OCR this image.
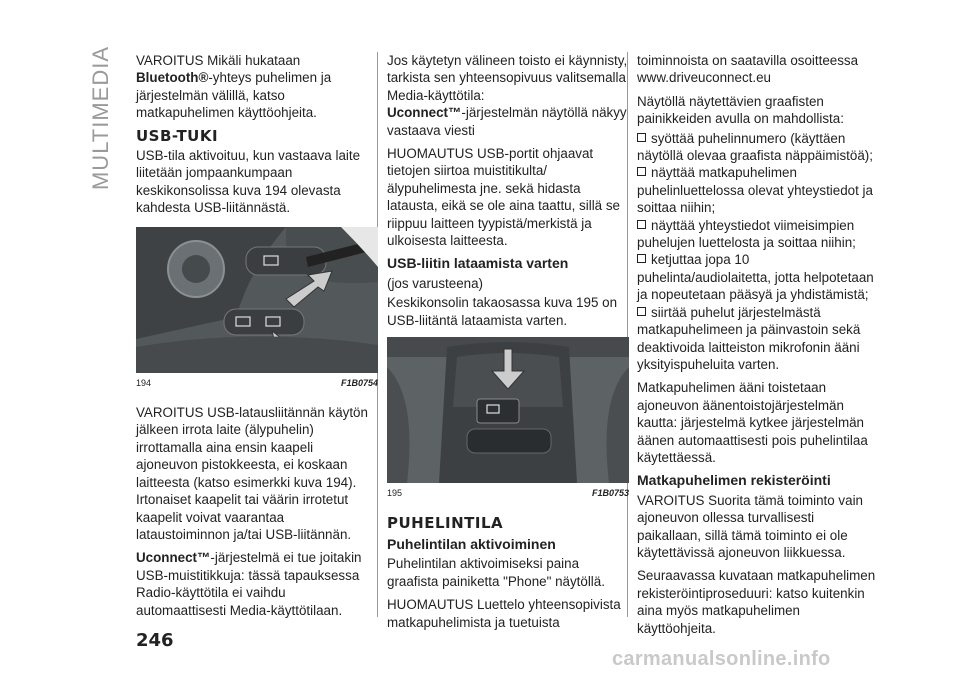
MULTIMEDIA VAROITUS Mikäli hukataan
Bluetooth®-yhteys puhelimen ja järjestelmän välillä, katso matkapuhelimen käyttöohjeita.

USB-TUKI

USB-tila aktivoituu, kun vastaava laite liitetään jompaankumpaan keskikonsolissa kuva 194 olevasta kahdesta USB-liitännästä.

194	F1B0754

VAROITUS USB-latausliitännän käytön jälkeen irrota laite (älypuhelin) irrottamalla aina ensin kaapeli ajoneuvon pistokkeesta, ei koskaan laitteesta (katso esimerkki kuva 194). Irtonaiset kaapelit tai väärin irrotetut kaapelit voivat vaarantaa lataustoiminnon ja/tai USB-liitännän.

Uconnect™-järjestelmä ei tue joitakin USB-muistitikkuja: tässä tapauksessa Radio-käyttötila ei vaihdu automaattisesti Media-käyttötilaan.

Jos käytetyn välineen toisto ei käynnisty, tarkista sen yhteensopivuus valitsemalla Media-käyttötila:
Uconnect™-järjestelmän näytöllä näkyy vastaava viesti

HUOMAUTUS USB-portit ohjaavat tietojen siirtoa muistitikulta/älypuhelimesta jne. sekä hidasta latausta, eikä se ole aina taattu, sillä se riippuu laitteen tyypistä/merkistä ja ulkoisesta laitteesta.

USB-liitin lataamista varten

(jos varusteena)

Keskikonsolin takaosassa kuva 195 on USB-liitäntä lataamista varten.

195	F1B0753
PUHELINTILA
Puhelintilan aktivoiminen

Puhelintilan aktivoimiseksi paina graafista painiketta "Phone" näytöllä.

HUOMAUTUS Luettelo yhteensopivista matkapuhelimista ja tuetuista

toiminnoista on saatavilla osoitteessa www.driveuconnect.eu

Näytöllä näytettävien graafisten painikkeiden avulla on mahdollista:

syöttää puhelinnumero (käyttäen näytöllä olevaa graafista näppäimistöä);

näyttää matkapuhelimen puhelinluettelossa olevat yhteystiedot ja soittaa niihin;

näyttää yhteystiedot viimeisimpien puhelujen luettelosta ja soittaa niihin;

ketjuttaa jopa 10 puhelinta/audiolaitetta, jotta helpotetaan ja nopeutetaan pääsyä ja yhdistämistä;

siirtää puhelut järjestelmästä matkapuhelimeen ja päinvastoin sekä deaktivoida laitteiston mikrofonin ääni yksityispuheluita varten.

Matkapuhelimen ääni toistetaan ajoneuvon äänentoistojärjestelmän kautta: järjestelmä kytkee järjestelmän äänen automaattisesti pois puhelintilaa käytettäessä.

Matkapuhelimen rekisteröinti

VAROITUS Suorita tämä toiminto vain ajoneuvon ollessa turvallisesti paikallaan, sillä tämä toiminto ei ole käytettävissä ajoneuvon liikkuessa.

Seuraavassa kuvataan matkapuhelimen rekisteröintiproseduuri: katso kuitenkin aina myös matkapuhelimen käyttöohjeita.

246
carmanualsonline.info
